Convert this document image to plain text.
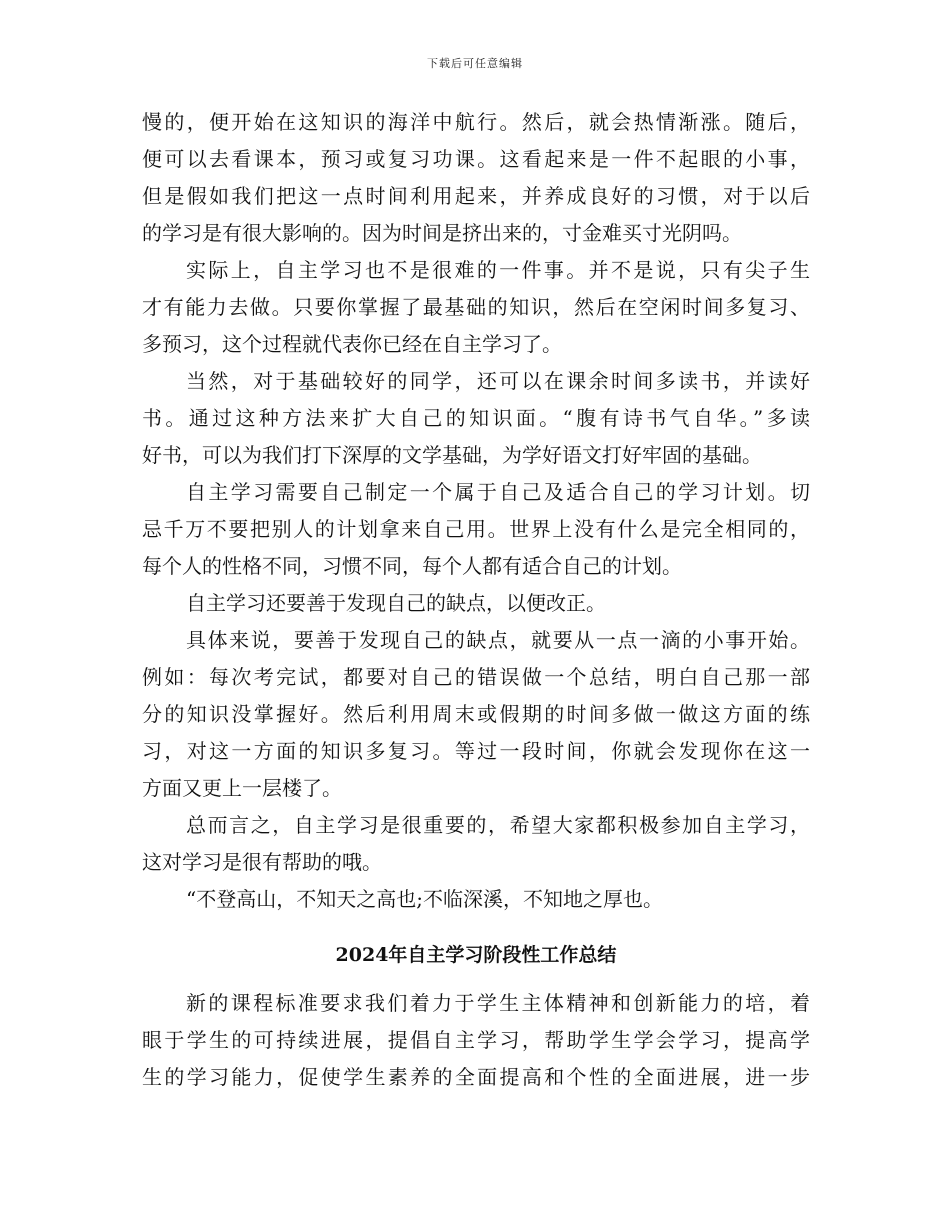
下载后可任意编辑
慢的，便开始在这知识的海洋中航行。然后，就会热情渐涨。随后，
便可以去看课本，预习或复习功课。这看起来是一件不起眼的小事，
但是假如我们把这一点时间利用起来，并养成良好的习惯，对于以后
的学习是有很大影响的。因为时间是挤出来的，寸金难买寸光阴吗。
实际上，自主学习也不是很难的一件事。并不是说，只有尖子生
才有能力去做。只要你掌握了最基础的知识，然后在空闲时间多复习、
多预习，这个过程就代表你已经在自主学习了。
当然，对于基础较好的同学，还可以在课余时间多读书，并读好
书。通过这种方法来扩大自己的知识面。“腹有诗书气自华。”多读
好书，可以为我们打下深厚的文学基础，为学好语文打好牢固的基础。
自主学习需要自己制定一个属于自己及适合自己的学习计划。切
忌千万不要把别人的计划拿来自己用。世界上没有什么是完全相同的，
每个人的性格不同，习惯不同，每个人都有适合自己的计划。
自主学习还要善于发现自己的缺点，以便改正。
具体来说，要善于发现自己的缺点，就要从一点一滴的小事开始。
例如：每次考完试，都要对自己的错误做一个总结，明白自己那一部
分的知识没掌握好。然后利用周末或假期的时间多做一做这方面的练
习，对这一方面的知识多复习。等过一段时间，你就会发现你在这一
方面又更上一层楼了。
总而言之，自主学习是很重要的，希望大家都积极参加自主学习，
这对学习是很有帮助的哦。
“不登高山，不知天之高也;不临深溪，不知地之厚也。
2024年自主学习阶段性工作总结
新的课程标准要求我们着力于学生主体精神和创新能力的培，着
眼于学生的可持续进展，提倡自主学习，帮助学生学会学习，提高学
生的学习能力，促使学生素养的全面提高和个性的全面进展，进一步
